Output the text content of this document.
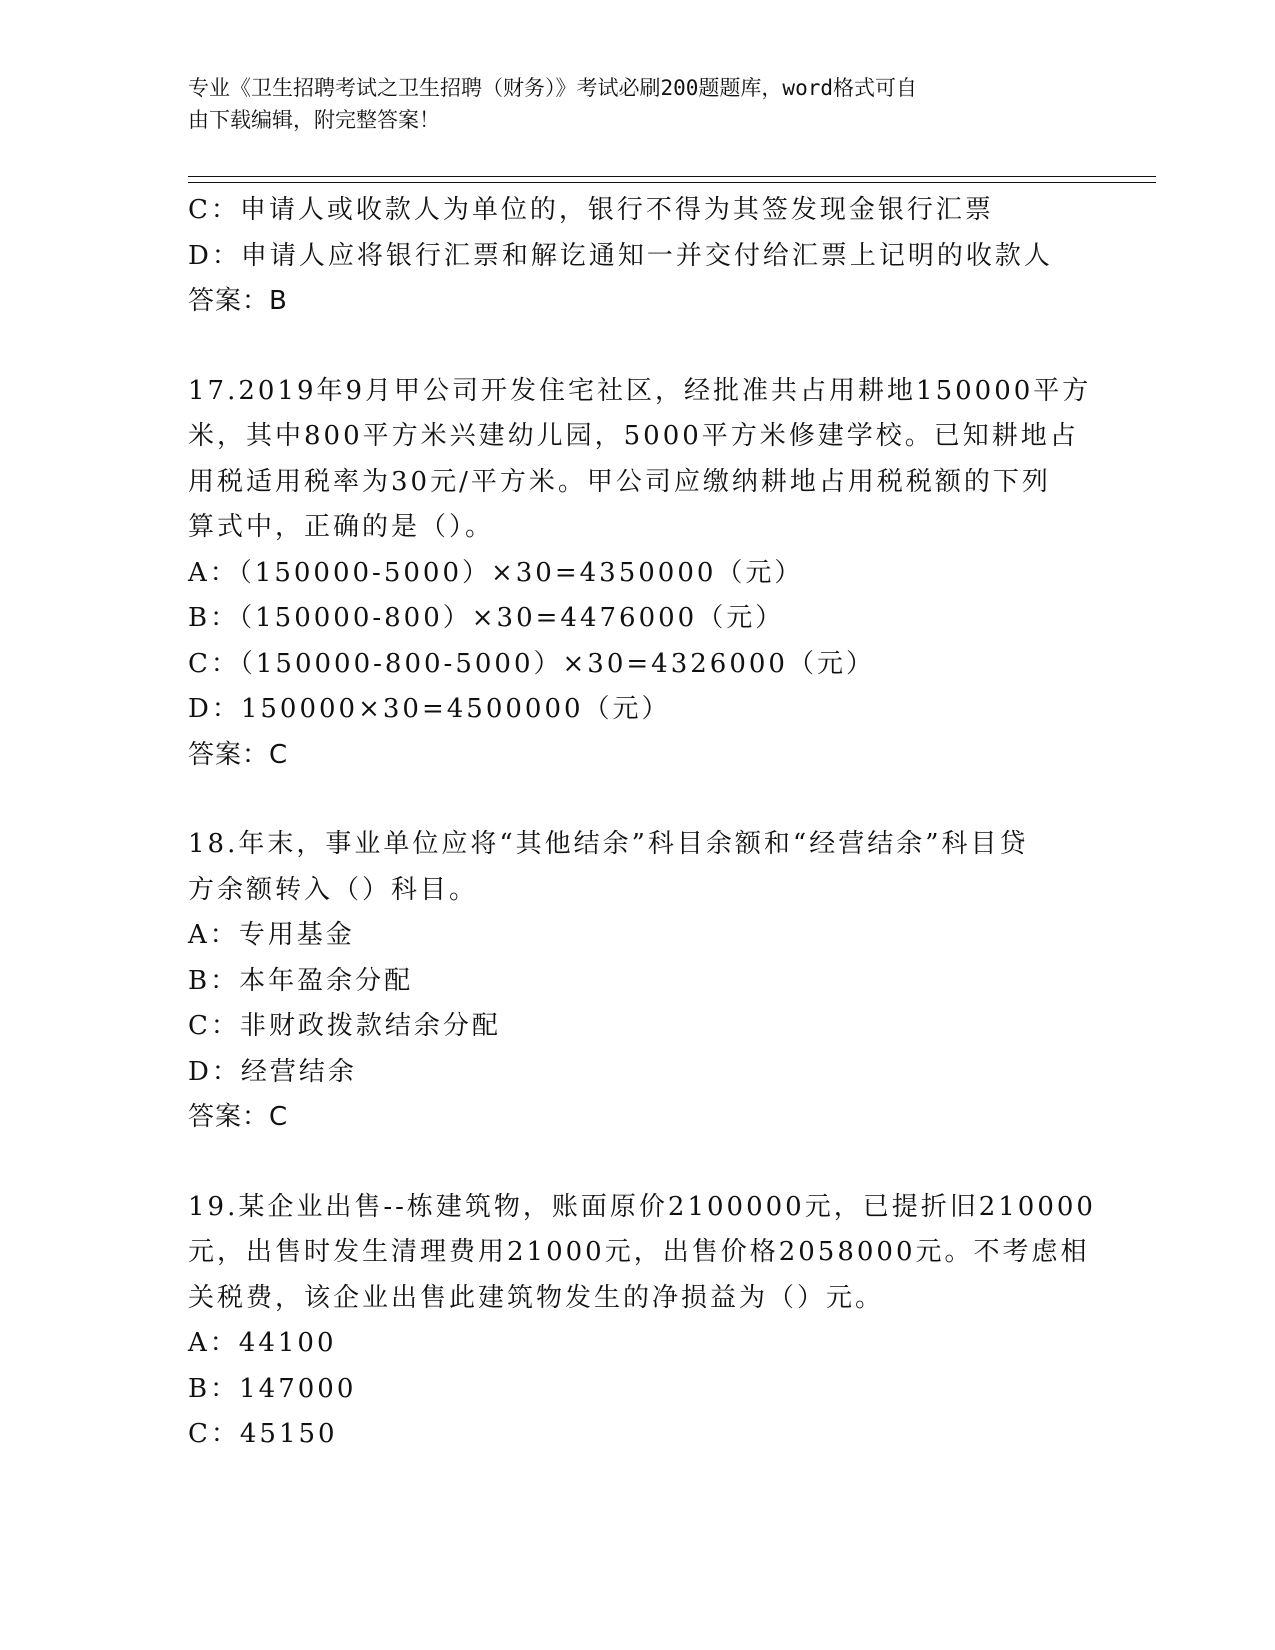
专业《卫生招聘考试之卫生招聘（财务）》考试必刷200题题库，word格式可自
由下载编辑，附完整答案！
C：申请人或收款人为单位的，银行不得为其签发现金银行汇票
D：申请人应将银行汇票和解讫通知一并交付给汇票上记明的收款人
答案：B
17.2019年9月甲公司开发住宅社区，经批准共占用耕地150000平方
米，其中800平方米兴建幼儿园，5000平方米修建学校。已知耕地占
用税适用税率为30元/平方米。甲公司应缴纳耕地占用税税额的下列
算式中，正确的是（）。
A：（150000-5000）×30=4350000（元）
B：（150000-800）×30=4476000（元）
C：（150000-800-5000）×30=4326000（元）
D：150000×30=4500000（元）
答案：C
18.年末，事业单位应将“其他结余”科目余额和“经营结余”科目贷
方余额转入（）科目。
A：专用基金
B：本年盈余分配
C：非财政拨款结余分配
D：经营结余
答案：C
19.某企业出售--栋建筑物，账面原价2100000元，已提折旧210000
元，出售时发生清理费用21000元，出售价格2058000元。不考虑相
关税费，该企业出售此建筑物发生的净损益为（）元。
A：44100
B：147000
C：45150
